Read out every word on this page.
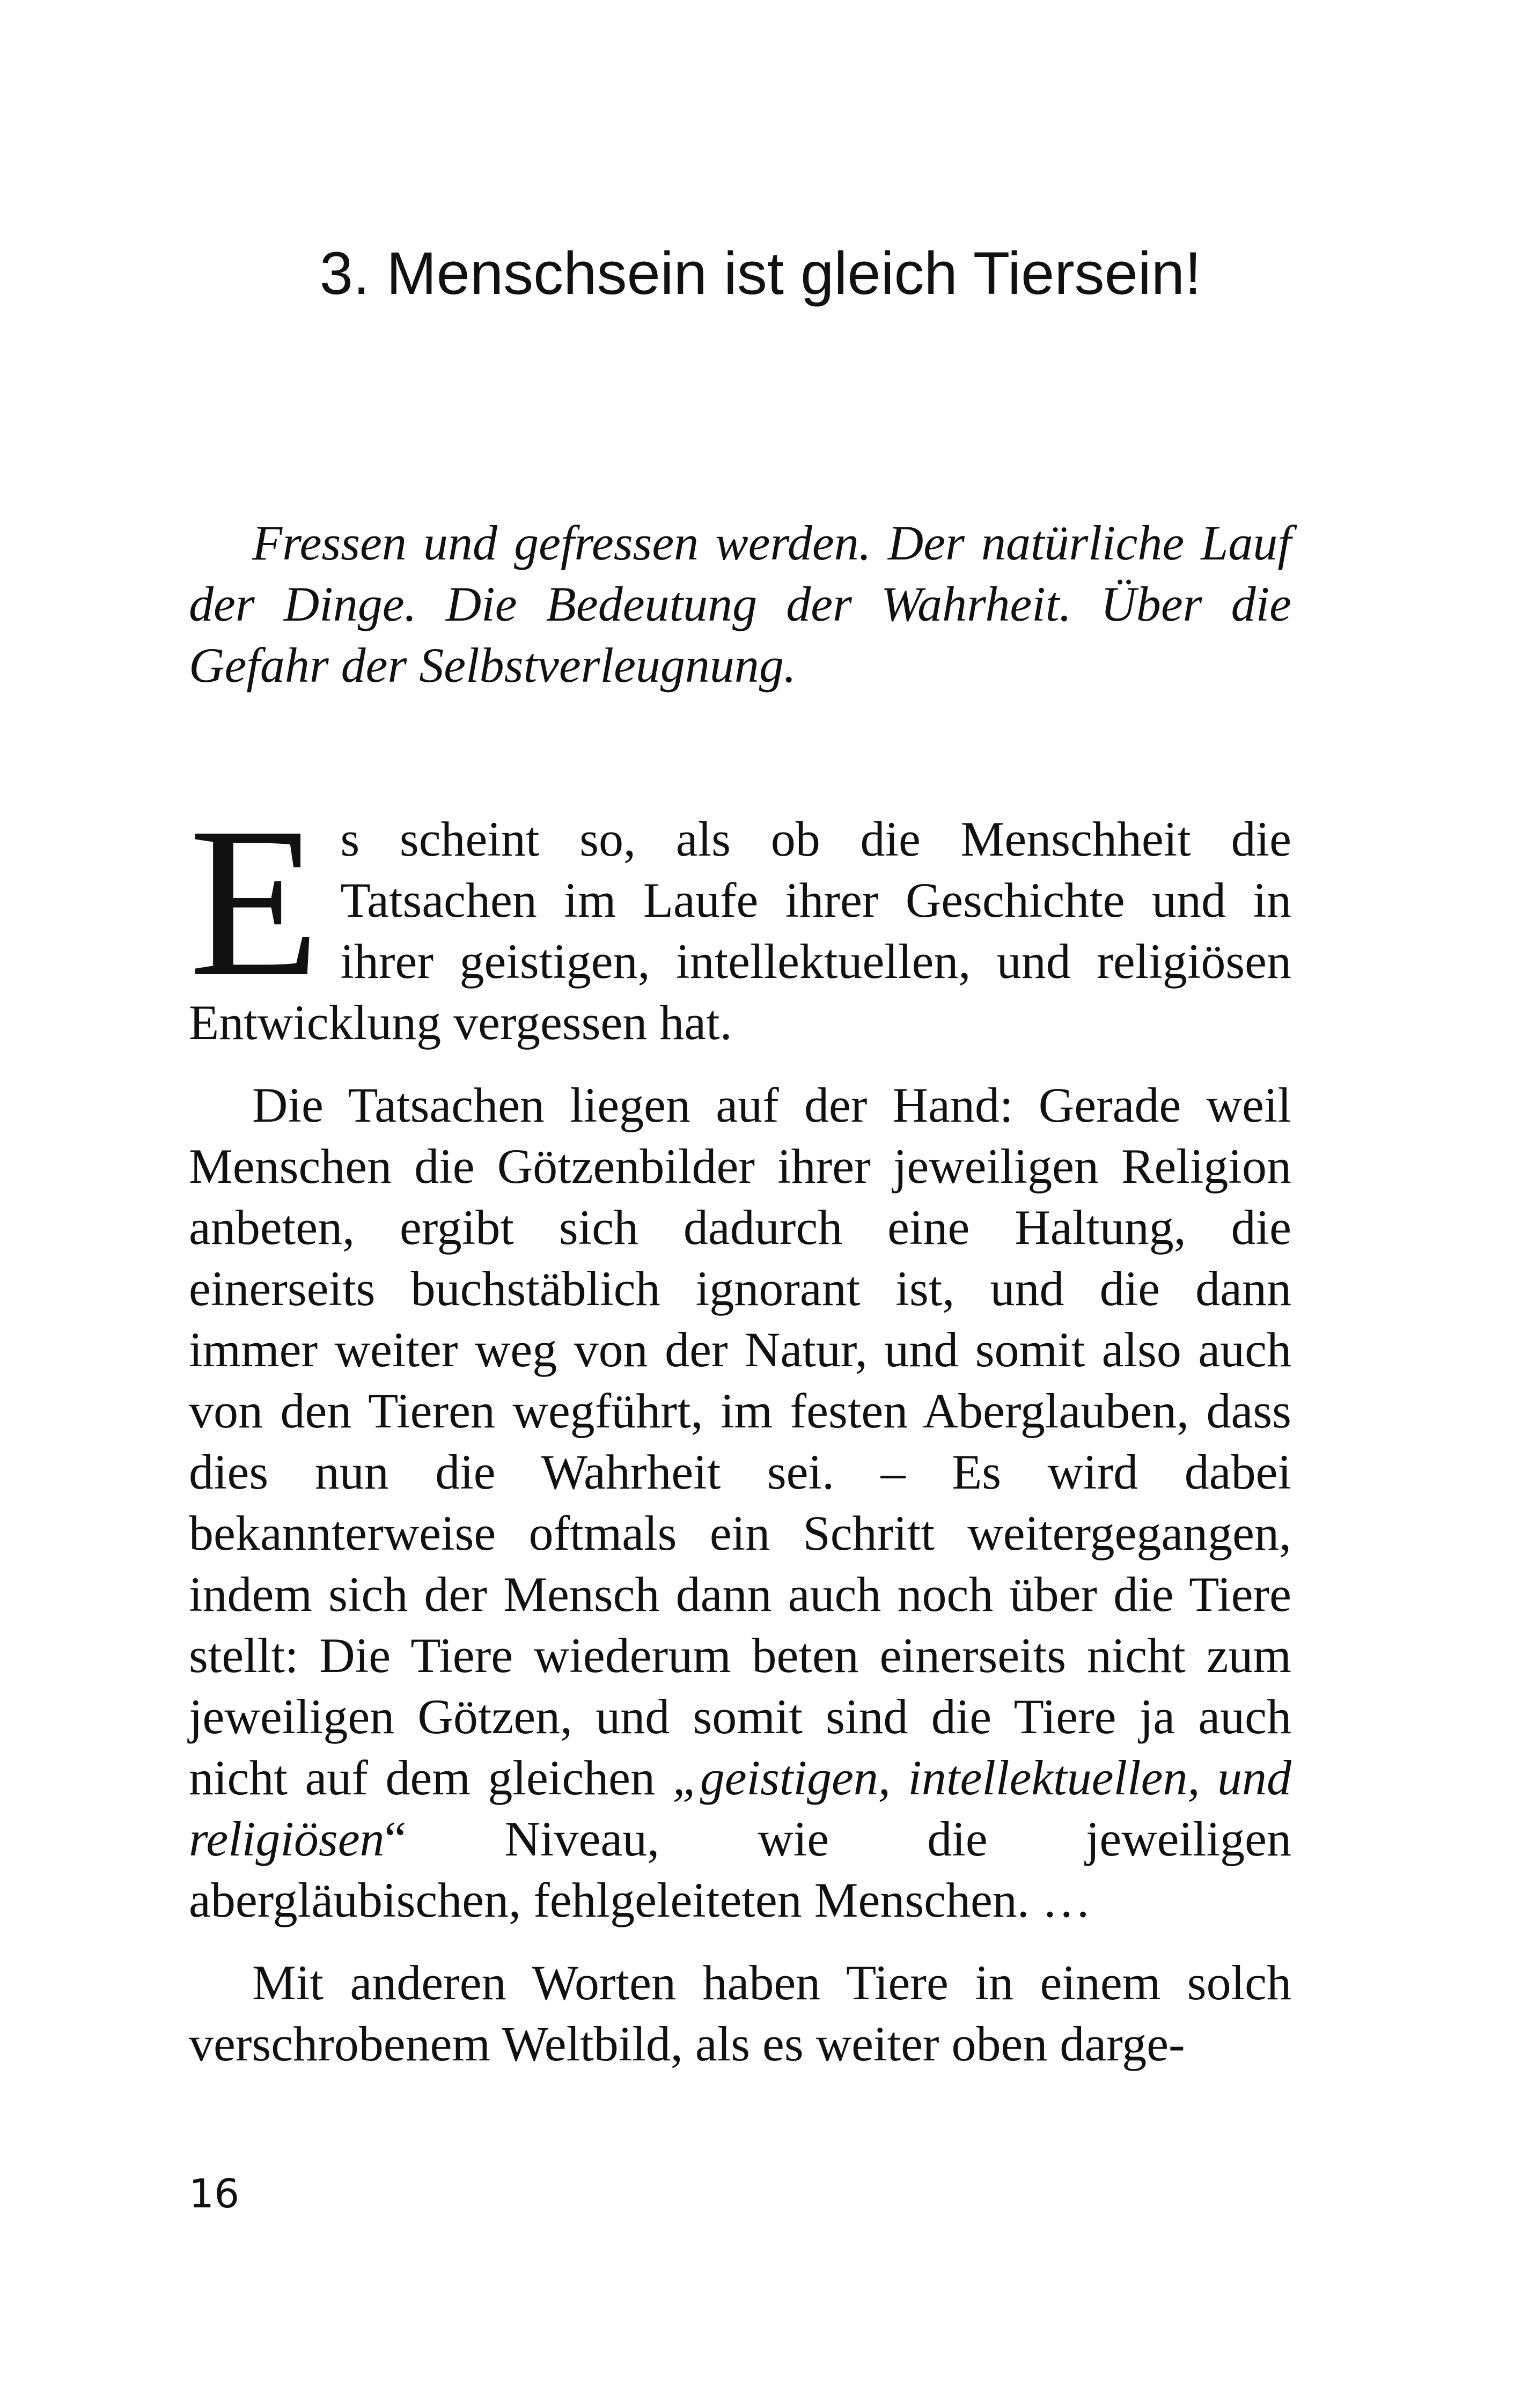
3. Menschsein ist gleich Tiersein!

Fressen und gefressen werden. Der natürliche Lauf der Dinge. Die Bedeutung der Wahrheit. Über die Gefahr der Selbstverleugnung.

Es scheint so, als ob die Menschheit die Tatsachen im Laufe ihrer Geschichte und in ihrer geistigen, intellektuellen, und religiösen Entwicklung vergessen hat.

Die Tatsachen liegen auf der Hand: Gerade weil Menschen die Götzenbilder ihrer jeweiligen Religion anbeten, ergibt sich dadurch eine Haltung, die einerseits buchstäblich ignorant ist, und die dann immer weiter weg von der Natur, und somit also auch von den Tieren wegführt, im festen Aberglauben, dass dies nun die Wahrheit sei. – Es wird dabei bekannterweise oftmals ein Schritt weitergegangen, indem sich der Mensch dann auch noch über die Tiere stellt: Die Tiere wiederum beten einerseits nicht zum jeweiligen Götzen, und somit sind die Tiere ja auch nicht auf dem gleichen „geistigen, intellektuellen, und religiösen“ Niveau, wie die jeweiligen abergläubischen, fehlgeleiteten Menschen. …

Mit anderen Worten haben Tiere in einem solch verschrobenem Weltbild, als es weiter oben darge-

16
